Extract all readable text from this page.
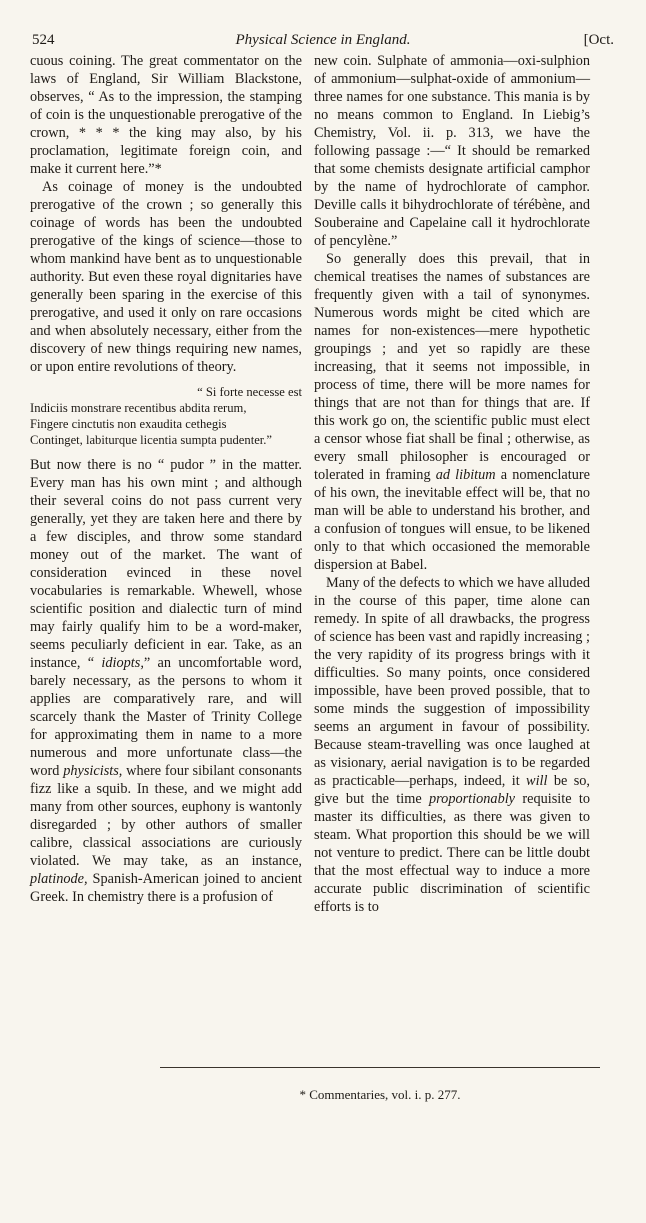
524	Physical Science in England.	[Oct.

cuous coining. The great commentator on the laws of England, Sir William Blackstone, observes, “ As to the impression, the stamping of coin is the unquestionable prerogative of the crown, * * * the king may also, by his proclamation, legitimate foreign coin, and make it current here.”*

As coinage of money is the undoubted prerogative of the crown ; so generally this coinage of words has been the undoubted prerogative of the kings of science—those to whom mankind have bent as to unquestionable authority. But even these royal dignitaries have generally been sparing in the exercise of this prerogative, and used it only on rare occasions and when absolutely necessary, either from the discovery of new things requiring new names, or upon entire revolutions of theory.

“ Si forte necesse est
Indiciis monstrare recentibus abdita rerum,
Fingere cinctutis non exaudita cethegis
Continget, labiturque licentia sumpta pudenter.”

But now there is no “ pudor ” in the matter. Every man has his own mint ; and although their several coins do not pass current very generally, yet they are taken here and there by a few disciples, and throw some standard money out of the market. The want of consideration evinced in these novel vocabularies is remarkable. Whewell, whose scientific position and dialectic turn of mind may fairly qualify him to be a word-maker, seems peculiarly deficient in ear. Take, as an instance, “ idiopts,” an uncomfortable word, barely necessary, as the persons to whom it applies are comparatively rare, and will scarcely thank the Master of Trinity College for approximating them in name to a more numerous and more unfortunate class—the word physicists, where four sibilant consonants fizz like a squib. In these, and we might add many from other sources, euphony is wantonly disregarded ; by other authors of smaller calibre, classical associations are curiously violated. We may take, as an instance, platinode, Spanish-American joined to ancient Greek. In chemistry there is a profusion of

new coin. Sulphate of ammonia—oxi-sulphion of ammonium—sulphat-oxide of ammonium—three names for one substance. This mania is by no means common to England. In Liebig’s Chemistry, Vol. ii. p. 313, we have the following passage :—“ It should be remarked that some chemists designate artificial camphor by the name of hydrochlorate of camphor. Deville calls it bihydrochlorate of térébène, and Souberaine and Capelaine call it hydrochlorate of pencylène.”

So generally does this prevail, that in chemical treatises the names of substances are frequently given with a tail of synonymes. Numerous words might be cited which are names for non-existences—mere hypothetic groupings ; and yet so rapidly are these increasing, that it seems not impossible, in process of time, there will be more names for things that are not than for things that are. If this work go on, the scientific public must elect a censor whose fiat shall be final ; otherwise, as every small philosopher is encouraged or tolerated in framing ad libitum a nomenclature of his own, the inevitable effect will be, that no man will be able to understand his brother, and a confusion of tongues will ensue, to be likened only to that which occasioned the memorable dispersion at Babel.

Many of the defects to which we have alluded in the course of this paper, time alone can remedy. In spite of all drawbacks, the progress of science has been vast and rapidly increasing ; the very rapidity of its progress brings with it difficulties. So many points, once considered impossible, have been proved possible, that to some minds the suggestion of impossibility seems an argument in favour of possibility. Because steam-travelling was once laughed at as visionary, aerial navigation is to be regarded as practicable—perhaps, indeed, it will be so, give but the time proportionably requisite to master its difficulties, as there was given to steam. What proportion this should be we will not venture to predict. There can be little doubt that the most effectual way to induce a more accurate public discrimination of scientific efforts is to

* Commentaries, vol. i. p. 277.
